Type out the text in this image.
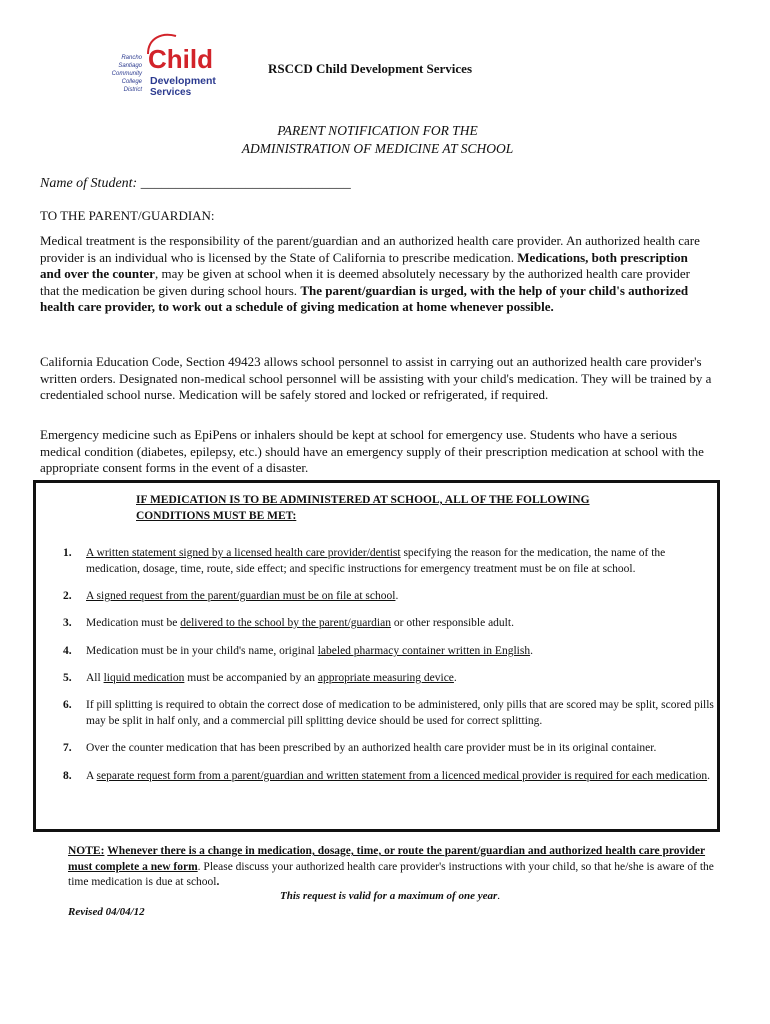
Rancho
Santiago
Community
College
District
Child
Development
Services
RSCCD Child Development Services
PARENT NOTIFICATION FOR THE
ADMINISTRATION OF MEDICINE AT SCHOOL
Name of Student: ______________________________
TO THE PARENT/GUARDIAN:
Medical treatment is the responsibility of the parent/guardian and an authorized health care provider. An authorized health care provider is an individual who is licensed by the State of California to prescribe medication. Medications, both prescription and over the counter, may be given at school when it is deemed absolutely necessary by the authorized health care provider that the medication be given during school hours. The parent/guardian is urged, with the help of your child's authorized health care provider, to work out a schedule of giving medication at home whenever possible.
California Education Code, Section 49423 allows school personnel to assist in carrying out an authorized health care provider's written orders. Designated non-medical school personnel will be assisting with your child's medication. They will be trained by a credentialed school nurse. Medication will be safely stored and locked or refrigerated, if required.
Emergency medicine such as EpiPens or inhalers should be kept at school for emergency use. Students who have a serious medical condition (diabetes, epilepsy, etc.) should have an emergency supply of their prescription medication at school with the appropriate consent forms in the event of a disaster.
IF MEDICATION IS TO BE ADMINISTERED AT SCHOOL, ALL OF THE FOLLOWING
CONDITIONS MUST BE MET:
1. A written statement signed by a licensed health care provider/dentist specifying the reason for the medication, the name of the medication, dosage, time, route, side effect; and specific instructions for emergency treatment must be on file at school.
2. A signed request from the parent/guardian must be on file at school.
3. Medication must be delivered to the school by the parent/guardian or other responsible adult.
4. Medication must be in your child's name, original labeled pharmacy container written in English.
5. All liquid medication must be accompanied by an appropriate measuring device.
6. If pill splitting is required to obtain the correct dose of medication to be administered, only pills that are scored may be split, scored pills may be split in half only, and a commercial pill splitting device should be used for correct splitting.
7. Over the counter medication that has been prescribed by an authorized health care provider must be in its original container.
8. A separate request form from a parent/guardian and written statement from a licenced medical provider is required for each medication.
NOTE: Whenever there is a change in medication, dosage, time, or route the parent/guardian and authorized health care provider must complete a new form. Please discuss your authorized health care provider's instructions with your child, so that he/she is aware of the time medication is due at school.
This request is valid for a maximum of one year.
Revised 04/04/12
